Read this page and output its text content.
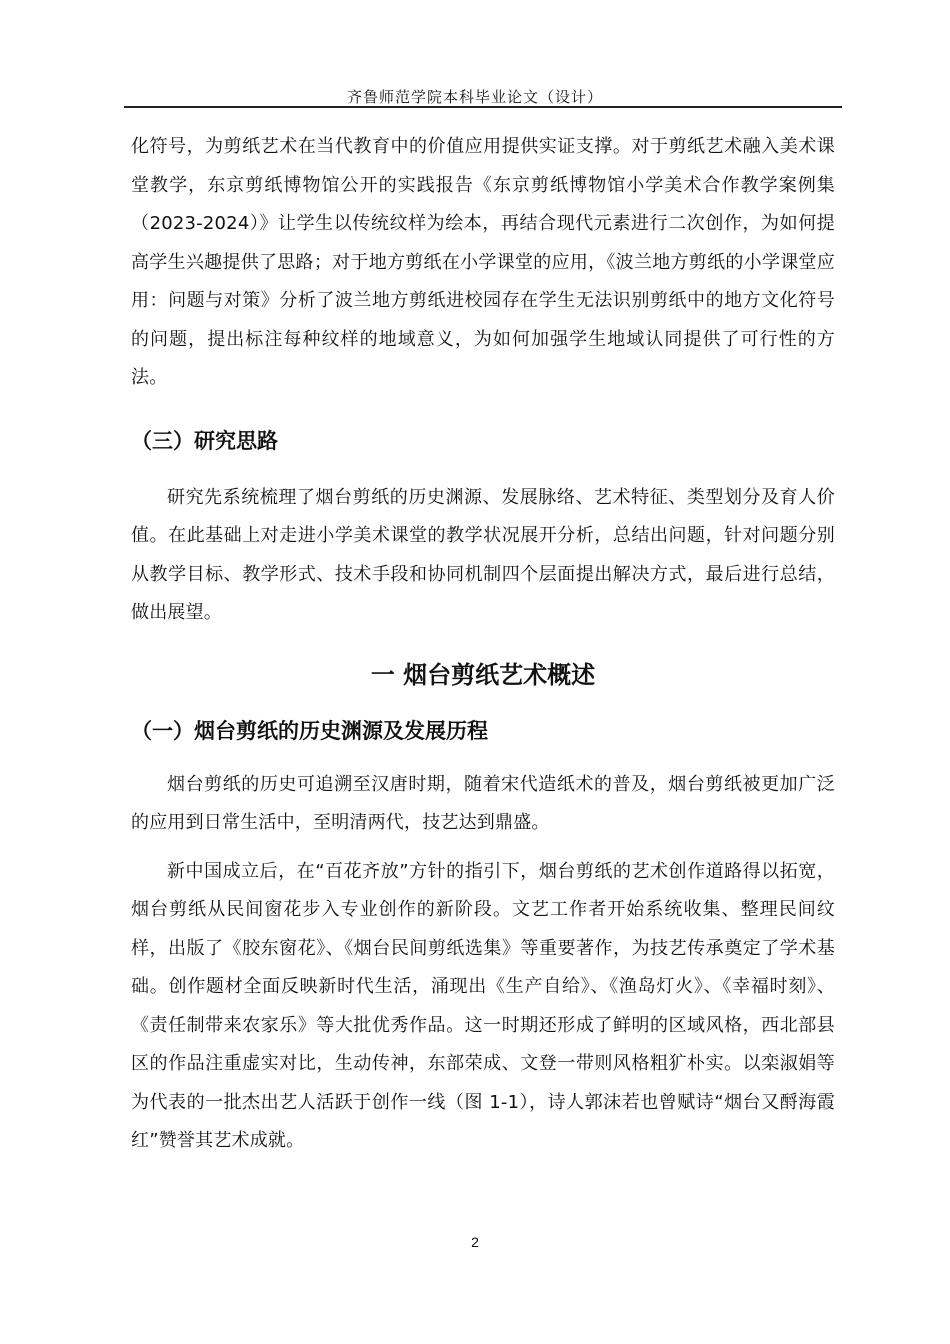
齐鲁师范学院本科毕业论文（设计）

化符号，为剪纸艺术在当代教育中的价值应用提供实证支撑。对于剪纸艺术融入美术课堂教学，东京剪纸博物馆公开的实践报告《东京剪纸博物馆小学美术合作教学案例集（2023-2024）》让学生以传统纹样为绘本，再结合现代元素进行二次创作，为如何提高学生兴趣提供了思路；对于地方剪纸在小学课堂的应用，《波兰地方剪纸的小学课堂应用：问题与对策》分析了波兰地方剪纸进校园存在学生无法识别剪纸中的地方文化符号的问题，提出标注每种纹样的地域意义，为如何加强学生地域认同提供了可行性的方法。

（三）研究思路

研究先系统梳理了烟台剪纸的历史渊源、发展脉络、艺术特征、类型划分及育人价值。在此基础上对走进小学美术课堂的教学状况展开分析，总结出问题，针对问题分别从教学目标、教学形式、技术手段和协同机制四个层面提出解决方式，最后进行总结，做出展望。

一 烟台剪纸艺术概述
（一）烟台剪纸的历史渊源及发展历程

烟台剪纸的历史可追溯至汉唐时期，随着宋代造纸术的普及，烟台剪纸被更加广泛的应用到日常生活中，至明清两代，技艺达到鼎盛。

新中国成立后，在“百花齐放”方针的指引下，烟台剪纸的艺术创作道路得以拓宽，烟台剪纸从民间窗花步入专业创作的新阶段。文艺工作者开始系统收集、整理民间纹样，出版了《胶东窗花》、《烟台民间剪纸选集》等重要著作，为技艺传承奠定了学术基础。创作题材全面反映新时代生活，涌现出《生产自给》、《渔岛灯火》、《幸福时刻》、《责任制带来农家乐》等大批优秀作品。这一时期还形成了鲜明的区域风格，西北部县区的作品注重虚实对比，生动传神，东部荣成、文登一带则风格粗犷朴实。以栾淑娟等为代表的一批杰出艺人活跃于创作一线（图 1-1），诗人郭沫若也曾赋诗“烟台又酹海霞红”赞誉其艺术成就。

2
